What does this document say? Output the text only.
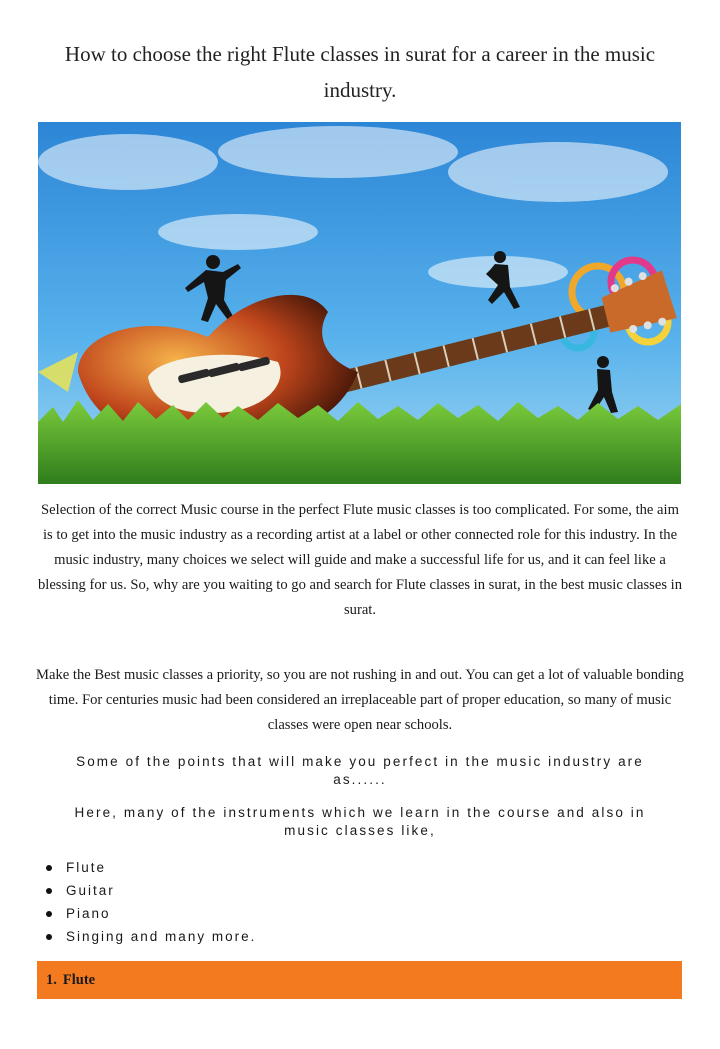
How to choose the right Flute classes in surat for a career in the music industry.
Selection of the correct Music course in the perfect Flute music classes is too complicated. For some, the aim is to get into the music industry as a recording artist at a label or other connected role for this industry. In the music industry, many choices we select will guide and make a successful life for us, and it can feel like a blessing for us. So, why are you waiting to go and search for Flute classes in surat, in the best music classes in surat.
Make the Best music classes a priority, so you are not rushing in and out. You can get a lot of valuable bonding time. For centuries music had been considered an irreplaceable part of proper education, so many of music classes were open near schools.
Some of the points that will make you perfect in the music industry are as......
Here, many of the instruments which we learn in the course and also in music classes like,
Flute
Guitar
Piano
Singing and many more.
1. Flute
